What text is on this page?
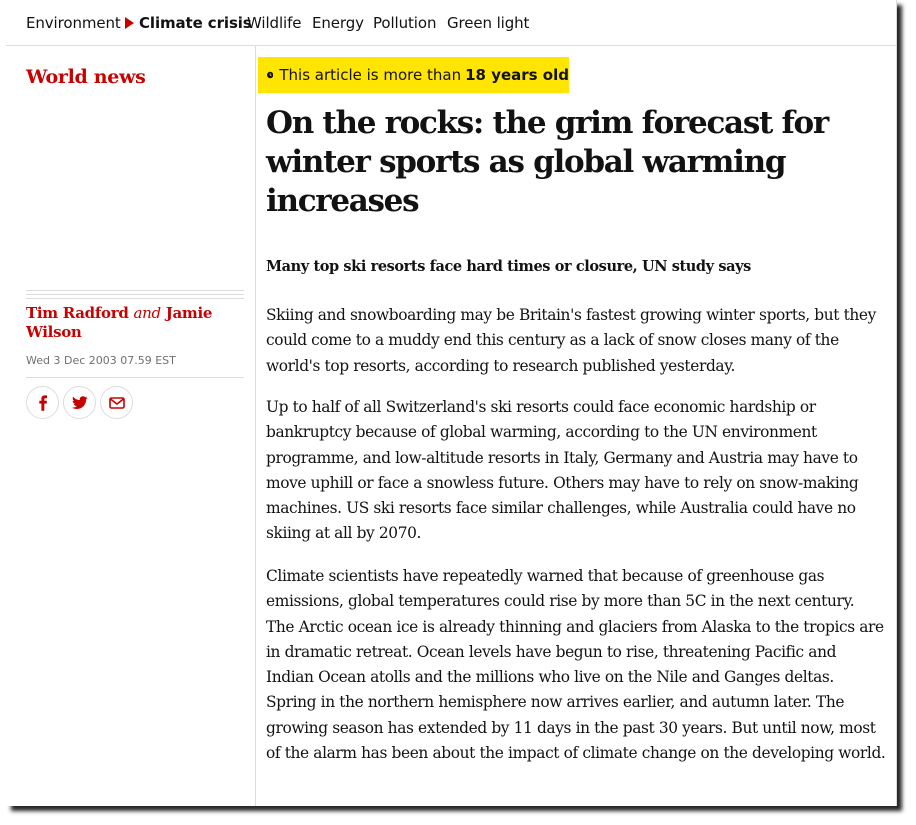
Environment Climate crisis
Wildlife Energy Pollution Green light
World news
Tim Radford and Jamie Wilson
Wed 3 Dec 2003 07.59 EST
This article is more than 18 years old
On the rocks: the grim forecast for winter sports as global warming increases

Many top ski resorts face hard times or closure, UN study says

Skiing and snowboarding may be Britain's fastest growing winter sports, but they could come to a muddy end this century as a lack of snow closes many of the world's top resorts, according to research published yesterday.

Up to half of all Switzerland's ski resorts could face economic hardship or bankruptcy because of global warming, according to the UN environment programme, and low-altitude resorts in Italy, Germany and Austria may have to move uphill or face a snowless future. Others may have to rely on snow-making machines. US ski resorts face similar challenges, while Australia could have no skiing at all by 2070.

Climate scientists have repeatedly warned that because of greenhouse gas emissions, global temperatures could rise by more than 5C in the next century. The Arctic ocean ice is already thinning and glaciers from Alaska to the tropics are in dramatic retreat. Ocean levels have begun to rise, threatening Pacific and Indian Ocean atolls and the millions who live on the Nile and Ganges deltas. Spring in the northern hemisphere now arrives earlier, and autumn later. The growing season has extended by 11 days in the past 30 years. But until now, most of the alarm has been about the impact of climate change on the developing world.
